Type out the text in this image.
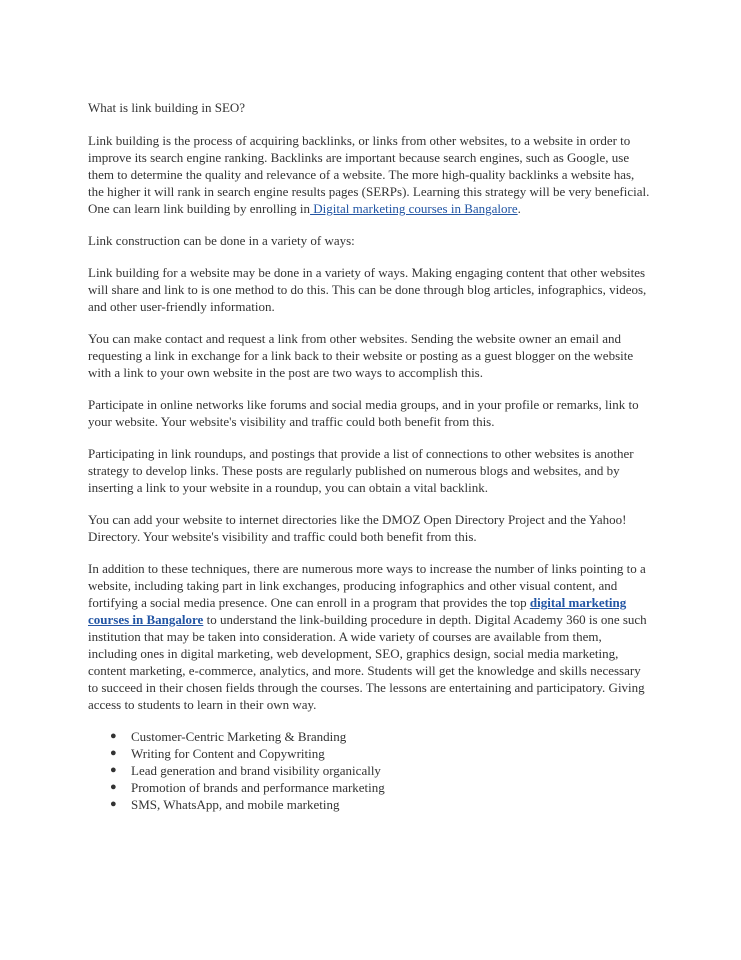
What is link building in SEO?

Link building is the process of acquiring backlinks, or links from other websites, to a website in order to improve its search engine ranking. Backlinks are important because search engines, such as Google, use them to determine the quality and relevance of a website. The more high-quality backlinks a website has, the higher it will rank in search engine results pages (SERPs). Learning this strategy will be very beneficial. One can learn link building by enrolling in Digital marketing courses in Bangalore.

Link construction can be done in a variety of ways:

Link building for a website may be done in a variety of ways. Making engaging content that other websites will share and link to is one method to do this. This can be done through blog articles, infographics, videos, and other user-friendly information.

You can make contact and request a link from other websites. Sending the website owner an email and requesting a link in exchange for a link back to their website or posting as a guest blogger on the website with a link to your own website in the post are two ways to accomplish this.

Participate in online networks like forums and social media groups, and in your profile or remarks, link to your website. Your website's visibility and traffic could both benefit from this.

Participating in link roundups, and postings that provide a list of connections to other websites is another strategy to develop links. These posts are regularly published on numerous blogs and websites, and by inserting a link to your website in a roundup, you can obtain a vital backlink.

You can add your website to internet directories like the DMOZ Open Directory Project and the Yahoo! Directory. Your website's visibility and traffic could both benefit from this.

In addition to these techniques, there are numerous more ways to increase the number of links pointing to a website, including taking part in link exchanges, producing infographics and other visual content, and fortifying a social media presence. One can enroll in a program that provides the top digital marketing courses in Bangalore to understand the link-building procedure in depth. Digital Academy 360 is one such institution that may be taken into consideration. A wide variety of courses are available from them, including ones in digital marketing, web development, SEO, graphics design, social media marketing, content marketing, e-commerce, analytics, and more. Students will get the knowledge and skills necessary to succeed in their chosen fields through the courses. The lessons are entertaining and participatory. Giving access to students to learn in their own way.

● Customer-Centric Marketing & Branding
● Writing for Content and Copywriting
● Lead generation and brand visibility organically
● Promotion of brands and performance marketing
● SMS, WhatsApp, and mobile marketing
